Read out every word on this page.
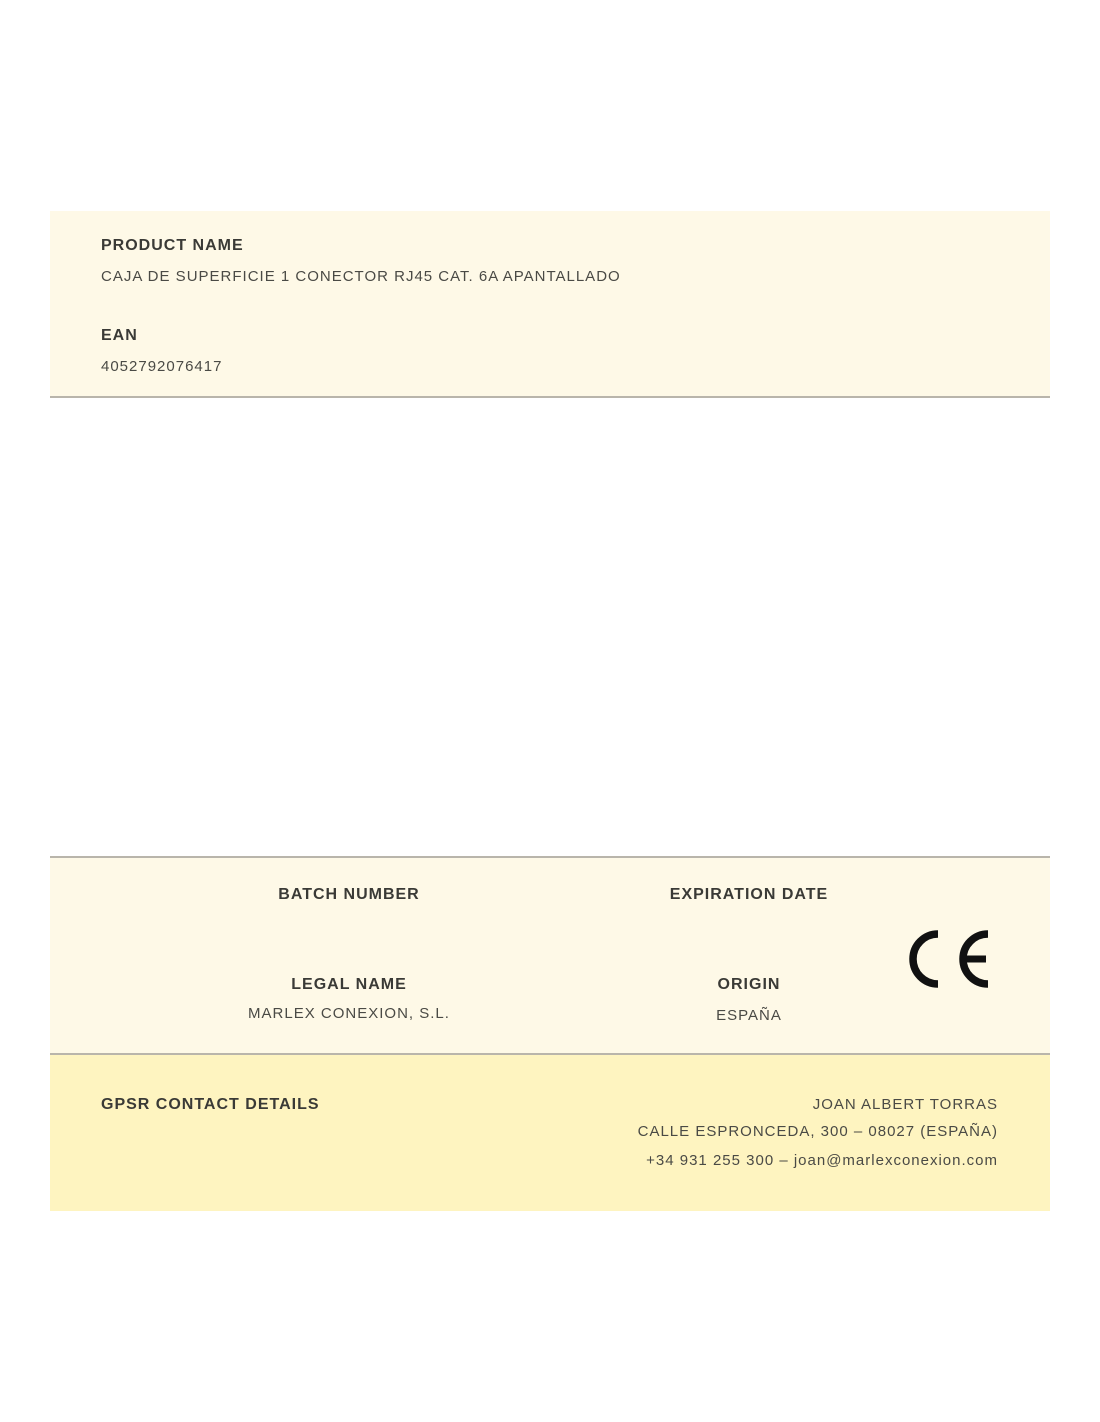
PRODUCT NAME
CAJA DE SUPERFICIE 1 CONECTOR RJ45 CAT. 6A APANTALLADO
EAN
4052792076417
BATCH NUMBER	EXPIRATION DATE
LEGAL NAME
MARLEX CONEXION, S.L.
ORIGIN
ESPAÑA
GPSR CONTACT DETAILS	JOAN ALBERT TORRAS
CALLE ESPRONCEDA, 300 – 08027 (ESPAÑA)
+34 931 255 300 – joan@marlexconexion.com
